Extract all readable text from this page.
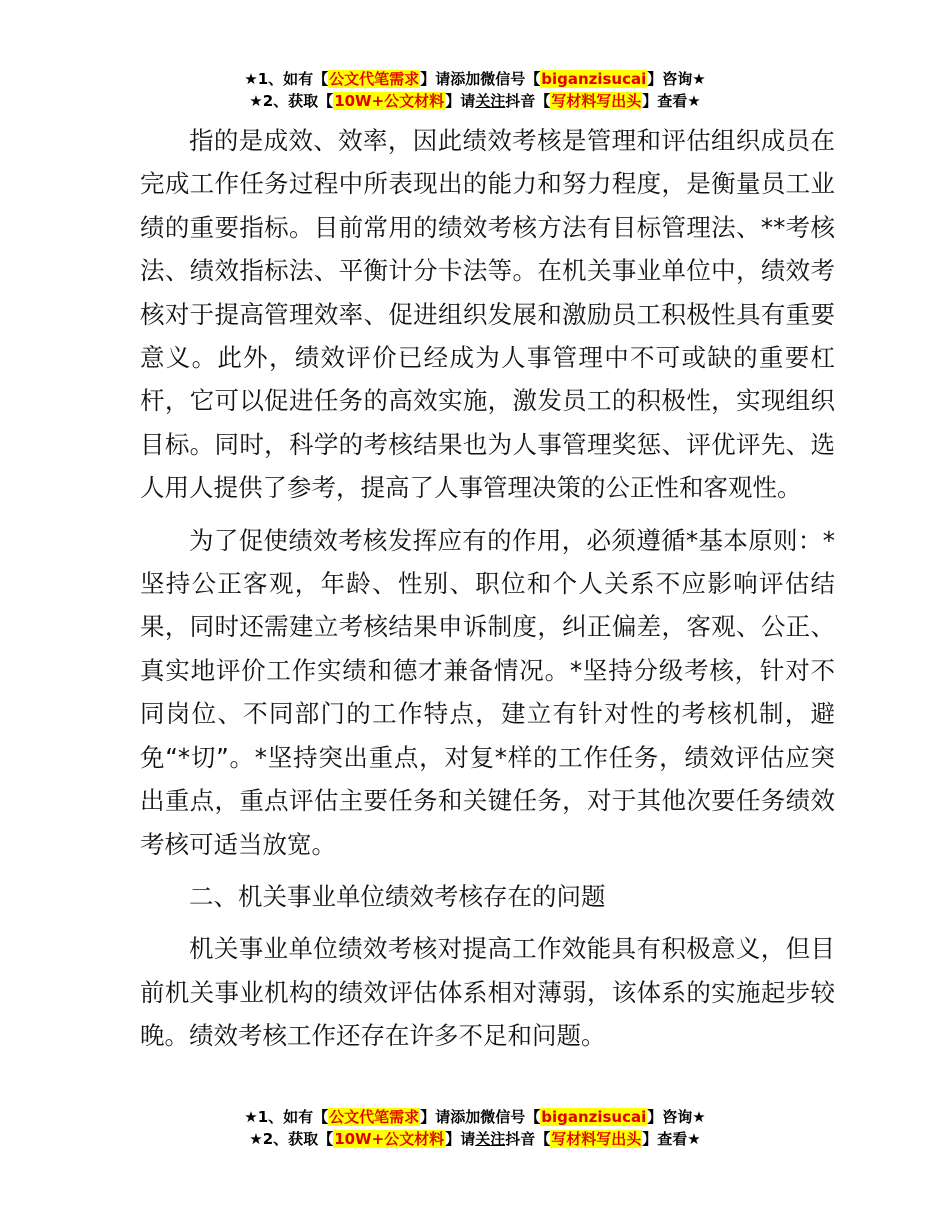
★1、如有【公文代笔需求】请添加微信号【biganzisucai】咨询★
★2、获取【10W+公文材料】请关注抖音【写材料写出头】查看★

指的是成效、效率，因此绩效考核是管理和评估组织成员在完成工作任务过程中所表现出的能力和努力程度，是衡量员工业绩的重要指标。目前常用的绩效考核方法有目标管理法、**考核法、绩效指标法、平衡计分卡法等。在机关事业单位中，绩效考核对于提高管理效率、促进组织发展和激励员工积极性具有重要意义。此外，绩效评价已经成为人事管理中不可或缺的重要杠杆，它可以促进任务的高效实施，激发员工的积极性，实现组织目标。同时，科学的考核结果也为人事管理奖惩、评优评先、选人用人提供了参考，提高了人事管理决策的公正性和客观性。

为了促使绩效考核发挥应有的作用，必须遵循*基本原则：*坚持公正客观，年龄、性别、职位和个人关系不应影响评估结果，同时还需建立考核结果申诉制度，纠正偏差，客观、公正、真实地评价工作实绩和德才兼备情况。*坚持分级考核，针对不同岗位、不同部门的工作特点，建立有针对性的考核机制，避免“*切”。*坚持突出重点，对复*样的工作任务，绩效评估应突出重点，重点评估主要任务和关键任务，对于其他次要任务绩效考核可适当放宽。

二、机关事业单位绩效考核存在的问题

机关事业单位绩效考核对提高工作效能具有积极意义，但目前机关事业机构的绩效评估体系相对薄弱，该体系的实施起步较晚。绩效考核工作还存在许多不足和问题。

★1、如有【公文代笔需求】请添加微信号【biganzisucai】咨询★
★2、获取【10W+公文材料】请关注抖音【写材料写出头】查看★
